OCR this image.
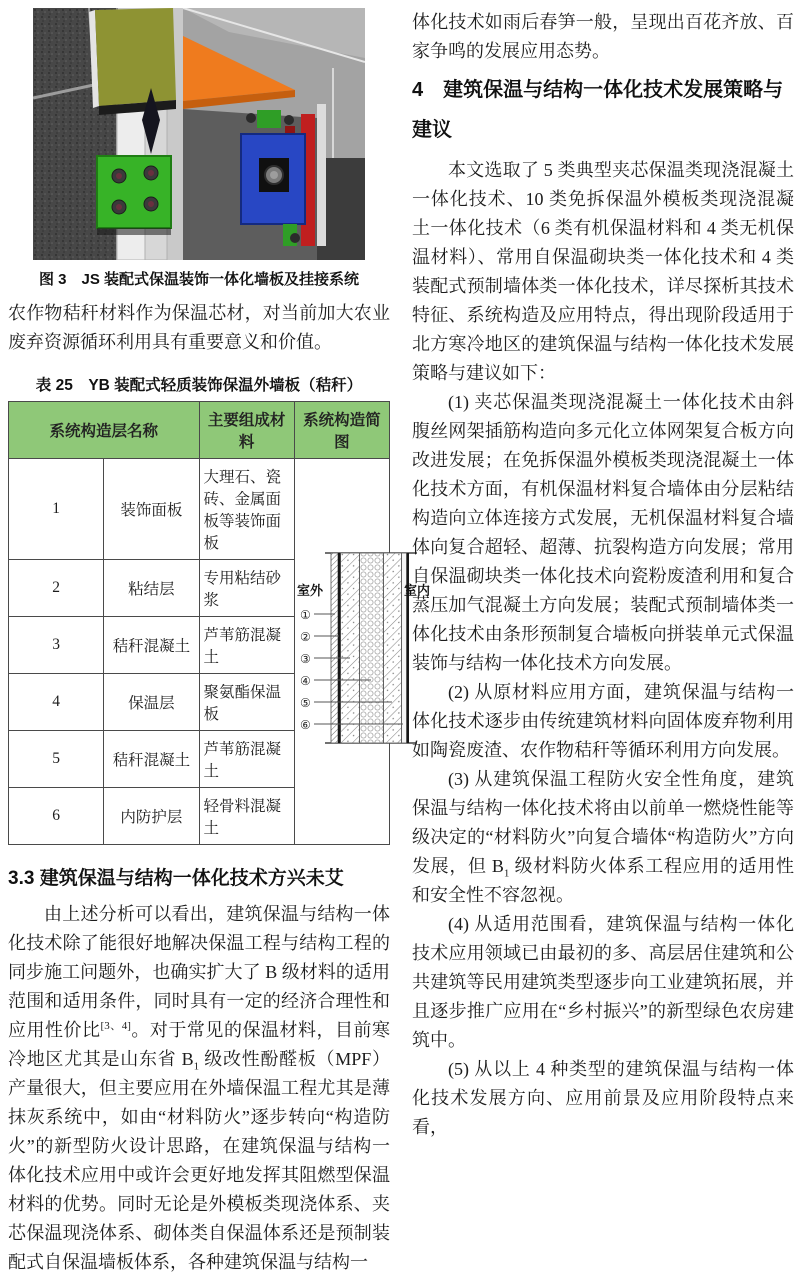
图 3　JS 装配式保温装饰一体化墙板及挂接系统

农作物秸秆材料作为保温芯材，对当前加大农业废弃资源循环利用具有重要意义和价值。

表 25　YB 装配式轻质装饰保温外墙板（秸秆）
系统构造层名称		主要组成材料	系统构造简图
1	装饰面板	大理石、瓷砖、金属面板等装饰面板	
室外	室内
①
②
③
④
⑤
⑥

2	粘结层	专用粘结砂浆	
3	秸秆混凝土	芦苇筋混凝土	
4	保温层	聚氨酯保温板	
5	秸秆混凝土	芦苇筋混凝土	
6	内防护层	轻骨料混凝土	
3.3 建筑保温与结构一体化技术方兴未艾

由上述分析可以看出，建筑保温与结构一体化技术除了能很好地解决保温工程与结构工程的同步施工问题外，也确实扩大了 B 级材料的适用范围和适用条件，同时具有一定的经济合理性和应用性价比[3、4]。对于常见的保温材料，目前寒冷地区尤其是山东省 $B_1$ 级改性酚醛板（MPF）产量很大，但主要应用在外墙保温工程尤其是薄抹灰系统中，如由“材料防火”逐步转向“构造防火”的新型防火设计思路，在建筑保温与结构一体化技术应用中或许会更好地发挥其阻燃型保温材料的优势。同时无论是外模板类现浇体系、夹芯保温现浇体系、砌体类自保温体系还是预制装配式自保温墙板体系，各种建筑保温与结构一

体化技术如雨后春笋一般，呈现出百花齐放、百家争鸣的发展应用态势。

4　建筑保温与结构一体化技术发展策略与建议

本文选取了 5 类典型夹芯保温类现浇混凝土一体化技术、10 类免拆保温外模板类现浇混凝土一体化技术（6 类有机保温材料和 4 类无机保温材料）、常用自保温砌块类一体化技术和 4 类装配式预制墙体类一体化技术，详尽探析其技术特征、系统构造及应用特点，得出现阶段适用于北方寒冷地区的建筑保温与结构一体化技术发展策略与建议如下：

(1) 夹芯保温类现浇混凝土一体化技术由斜腹丝网架插筋构造向多元化立体网架复合板方向改进发展；在免拆保温外模板类现浇混凝土一体化技术方面，有机保温材料复合墙体由分层粘结构造向立体连接方式发展，无机保温材料复合墙体向复合超轻、超薄、抗裂构造方向发展；常用自保温砌块类一体化技术向瓷粉废渣利用和复合蒸压加气混凝土方向发展；装配式预制墙体类一体化技术由条形预制复合墙板向拼装单元式保温装饰与结构一体化技术方向发展。

(2) 从原材料应用方面，建筑保温与结构一体化技术逐步由传统建筑材料向固体废弃物利用如陶瓷废渣、农作物秸秆等循环利用方向发展。

(3) 从建筑保温工程防火安全性角度，建筑保温与结构一体化技术将由以前单一燃烧性能等级决定的“材料防火”向复合墙体“构造防火”方向发展，但 $B_1$ 级材料防火体系工程应用的适用性和安全性不容忽视。

(4) 从适用范围看，建筑保温与结构一体化技术应用领域已由最初的多、高层居住建筑和公共建筑等民用建筑类型逐步向工业建筑拓展，并且逐步推广应用在“乡村振兴”的新型绿色农房建筑中。

(5) 从以上 4 种类型的建筑保温与结构一体化技术发展方向、应用前景及应用阶段特点来看，
